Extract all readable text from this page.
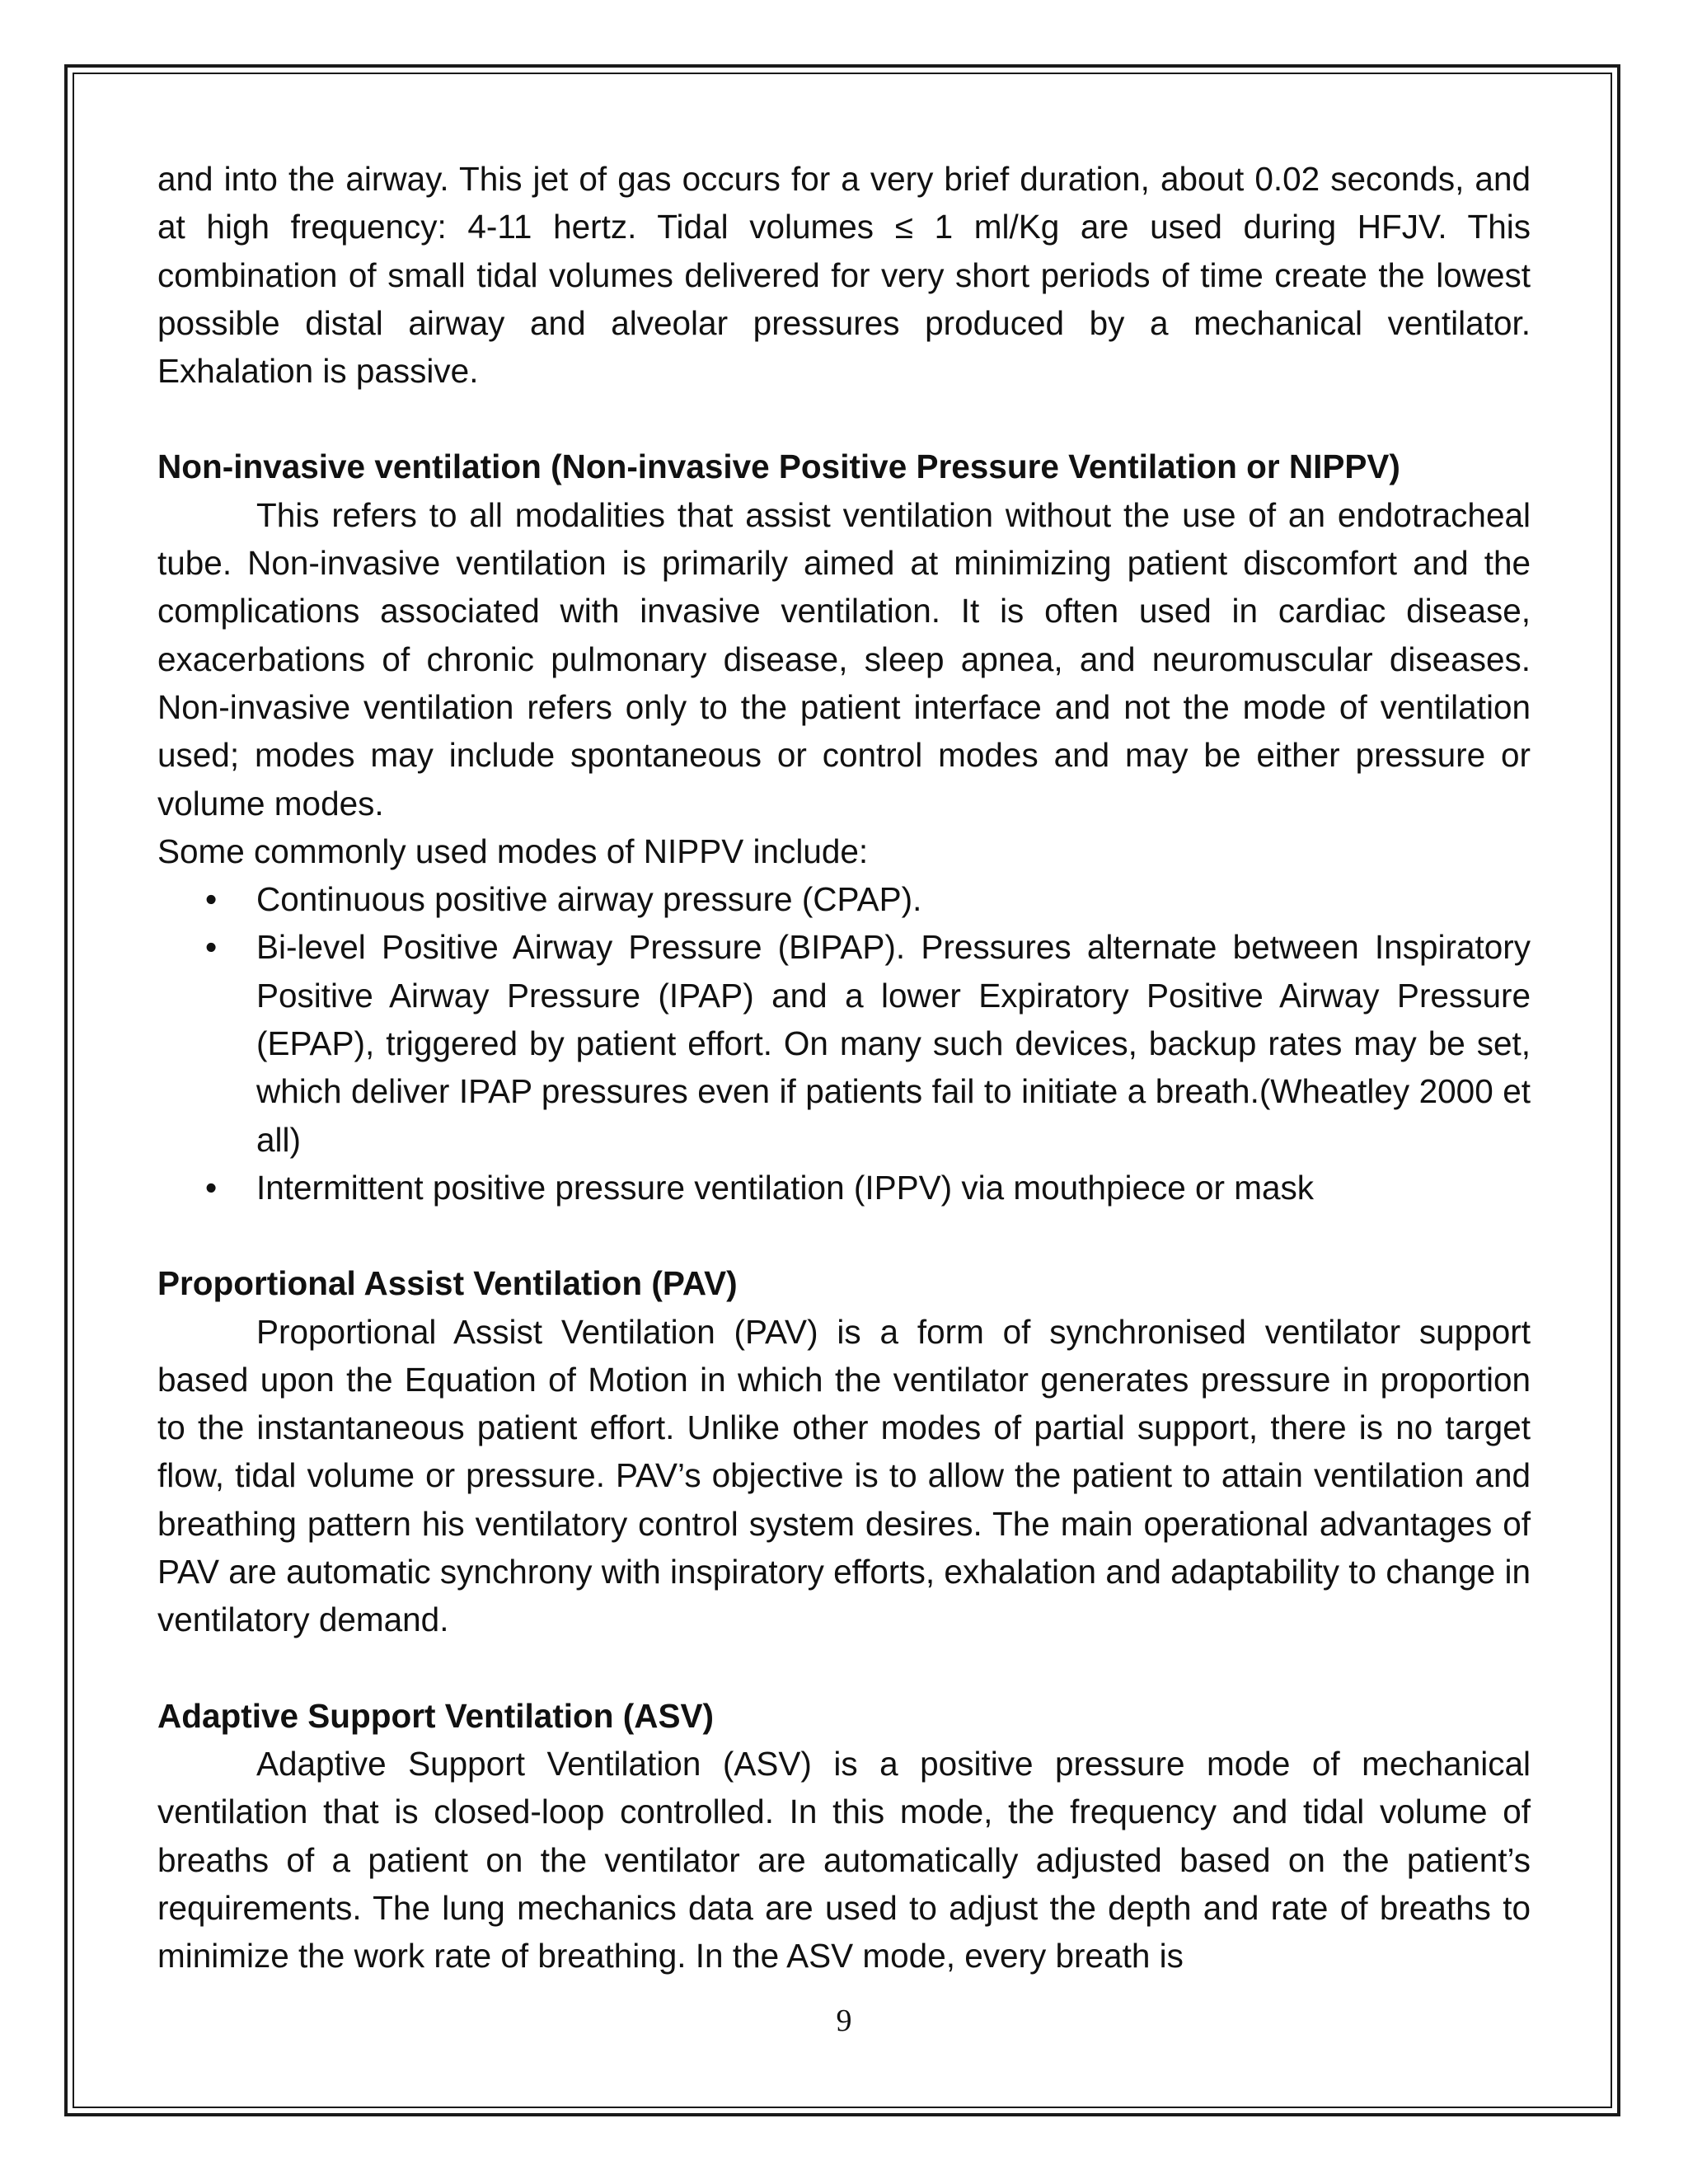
and into the airway. This jet of gas occurs for a very brief duration, about 0.02 seconds, and at high frequency: 4-11 hertz. Tidal volumes ≤ 1 ml/Kg are used during HFJV. This combination of small tidal volumes delivered for very short periods of time create the lowest possible distal airway and alveolar pressures produced by a mechanical ventilator. Exhalation is passive.

Non-invasive ventilation (Non-invasive Positive Pressure Ventilation or NIPPV)

This refers to all modalities that assist ventilation without the use of an endotracheal tube. Non-invasive ventilation is primarily aimed at minimizing patient discomfort and the complications associated with invasive ventilation. It is often used in cardiac disease, exacerbations of chronic pulmonary disease, sleep apnea, and neuromuscular diseases. Non-invasive ventilation refers only to the patient interface and not the mode of ventilation used; modes may include spontaneous or control modes and may be either pressure or volume modes.

Some commonly used modes of NIPPV include:

• Continuous positive airway pressure (CPAP).
• Bi-level Positive Airway Pressure (BIPAP). Pressures alternate between Inspiratory Positive Airway Pressure (IPAP) and a lower Expiratory Positive Airway Pressure (EPAP), triggered by patient effort. On many such devices, backup rates may be set, which deliver IPAP pressures even if patients fail to initiate a breath.(Wheatley 2000 et all)
• Intermittent positive pressure ventilation (IPPV) via mouthpiece or mask

Proportional Assist Ventilation (PAV)

Proportional Assist Ventilation (PAV) is a form of synchronised ventilator support based upon the Equation of Motion in which the ventilator generates pressure in proportion to the instantaneous patient effort. Unlike other modes of partial support, there is no target flow, tidal volume or pressure. PAV’s objective is to allow the patient to attain ventilation and breathing pattern his ventilatory control system desires. The main operational advantages of PAV are automatic synchrony with inspiratory efforts, exhalation and adaptability to change in ventilatory demand.

Adaptive Support Ventilation (ASV)

Adaptive Support Ventilation (ASV) is a positive pressure mode of mechanical ventilation that is closed-loop controlled. In this mode, the frequency and tidal volume of breaths of a patient on the ventilator are automatically adjusted based on the patient’s requirements. The lung mechanics data are used to adjust the depth and rate of breaths to minimize the work rate of breathing. In the ASV mode, every breath is

9
